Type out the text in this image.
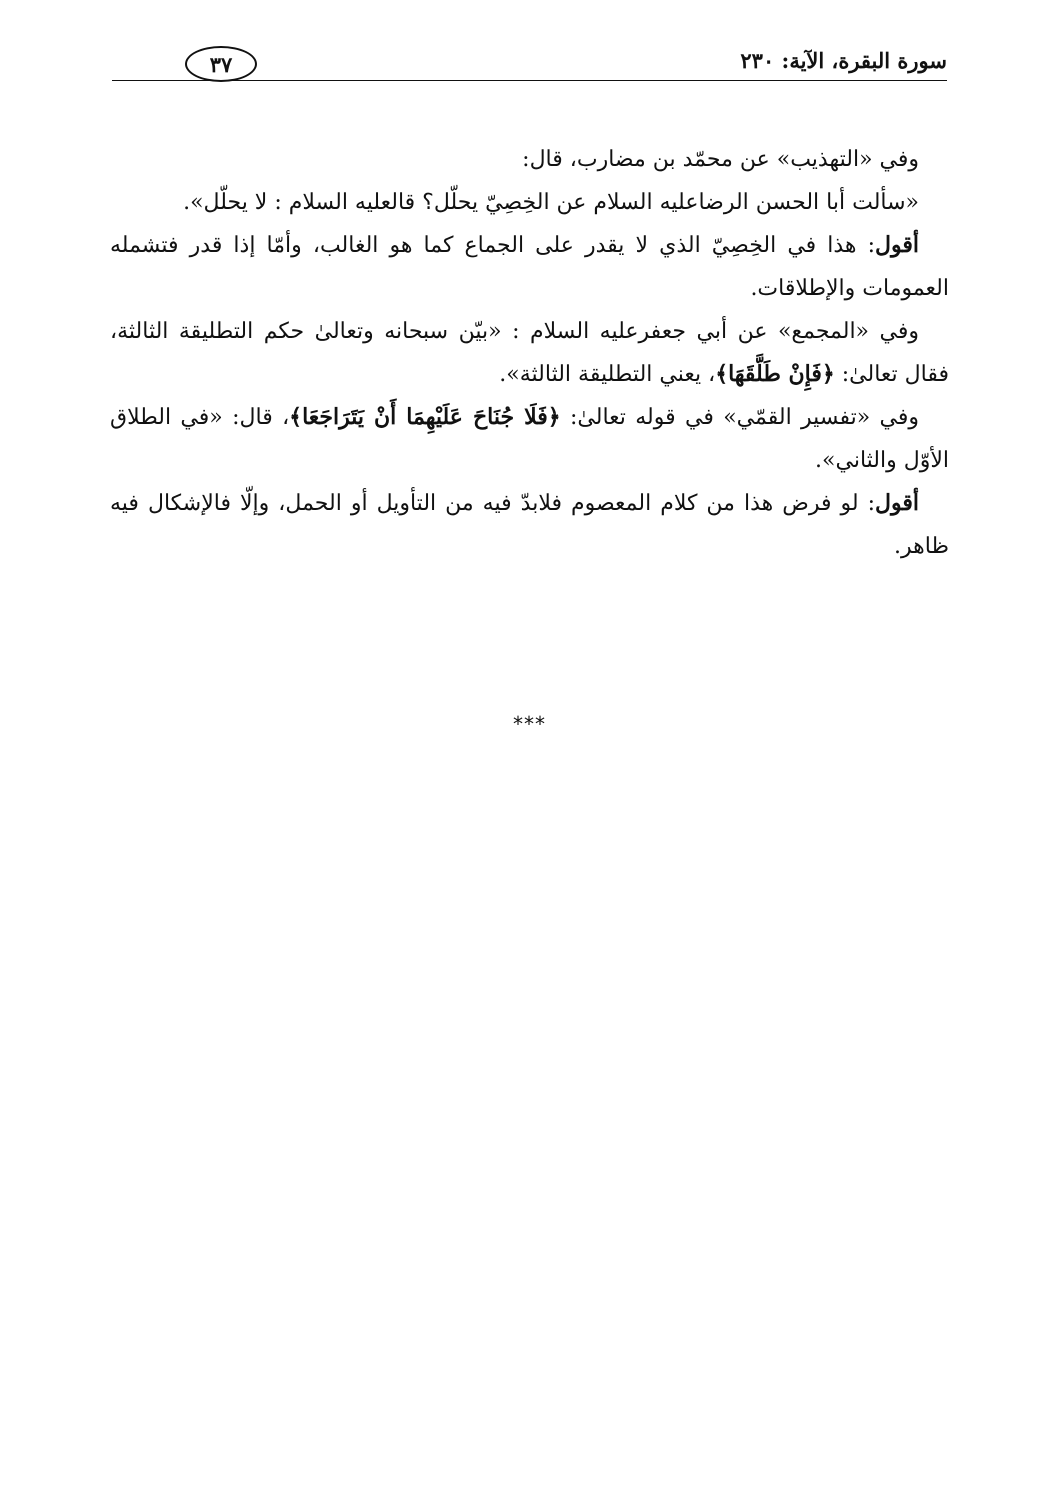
سورة البقرة، الآية: ٢٣٠
٣٧

وفي «التهذيب» عن محمّد بن مضارب، قال:

«سألت أبا الحسن الرضاعليه السلام عن الخِصِيّ يحلّل؟ قالعليه السلام : لا يحلّل».

أقول: هذا في الخِصِيّ الذي لا يقدر على الجماع كما هو الغالب، وأمّا إذا قدر فتشمله العمومات والإطلاقات.

وفي «المجمع» عن أبي جعفرعليه السلام : «بيّن سبحانه وتعالىٰ حكم التطليقة الثالثة، فقال تعالىٰ: ﴿فَإِنْ طَلَّقَهَا﴾، يعني التطليقة الثالثة».

وفي «تفسير القمّي» في قوله تعالىٰ: ﴿فَلَا جُنَاحَ عَلَيْهِمَا أَنْ يَتَرَاجَعَا﴾، قال: «في الطلاق الأوّل والثاني».

أقول: لو فرض هذا من كلام المعصوم فلابدّ فيه من التأويل أو الحمل، وإلّا فالإشكال فيه ظاهر.

***
